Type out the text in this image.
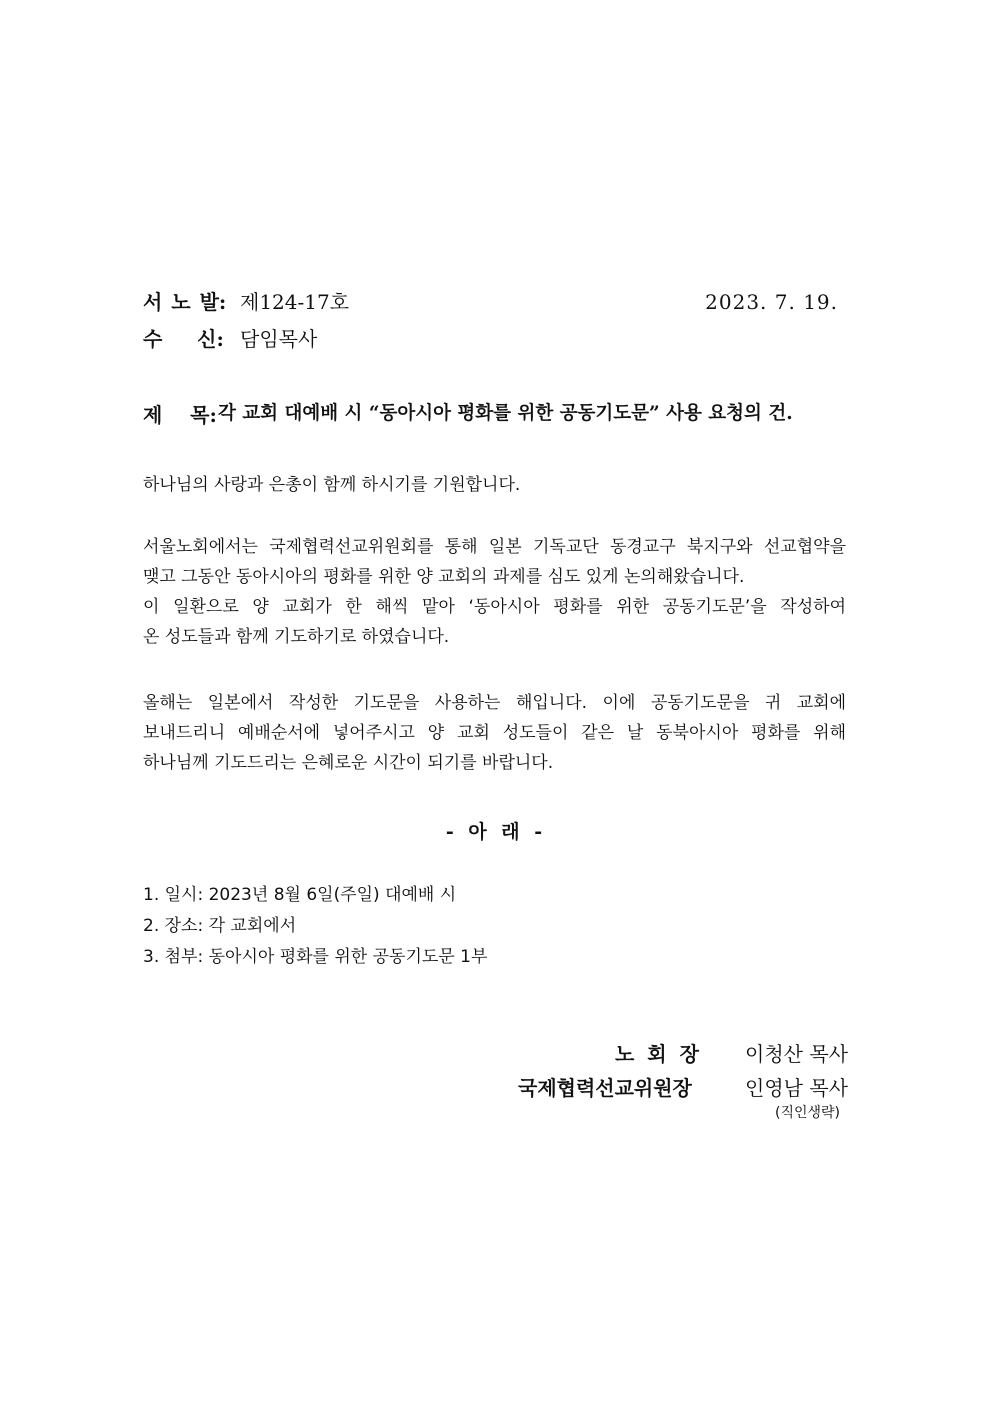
서 노 발: 제124-17호	2023. 7. 19.
수     신: 담임목사
제    목: 각 교회 대예배 시 “동아시아 평화를 위한 공동기도문” 사용 요청의 건.
하나님의 사랑과 은총이 함께 하시기를 기원합니다.
서울노회에서는 국제협력선교위원회를 통해 일본 기독교단 동경교구 북지구와 선교협약을
맺고 그동안 동아시아의 평화를 위한 양 교회의 과제를 심도 있게 논의해왔습니다.
이 일환으로 양 교회가 한 해씩 맡아 ‘동아시아 평화를 위한 공동기도문’을 작성하여
온 성도들과 함께 기도하기로 하였습니다.
올해는 일본에서 작성한 기도문을 사용하는 해입니다. 이에 공동기도문을 귀 교회에
보내드리니 예배순서에 넣어주시고 양 교회 성도들이 같은 날 동북아시아 평화를 위해
하나님께 기도드리는 은혜로운 시간이 되기를 바랍니다.
- 아 래 -
1. 일시: 2023년 8월 6일(주일) 대예배 시
2. 장소: 각 교회에서
3. 첨부: 동아시아 평화를 위한 공동기도문 1부
노 회 장 이청산 목사
국제협력선교위원장	인영남 목사
(직인생략)
